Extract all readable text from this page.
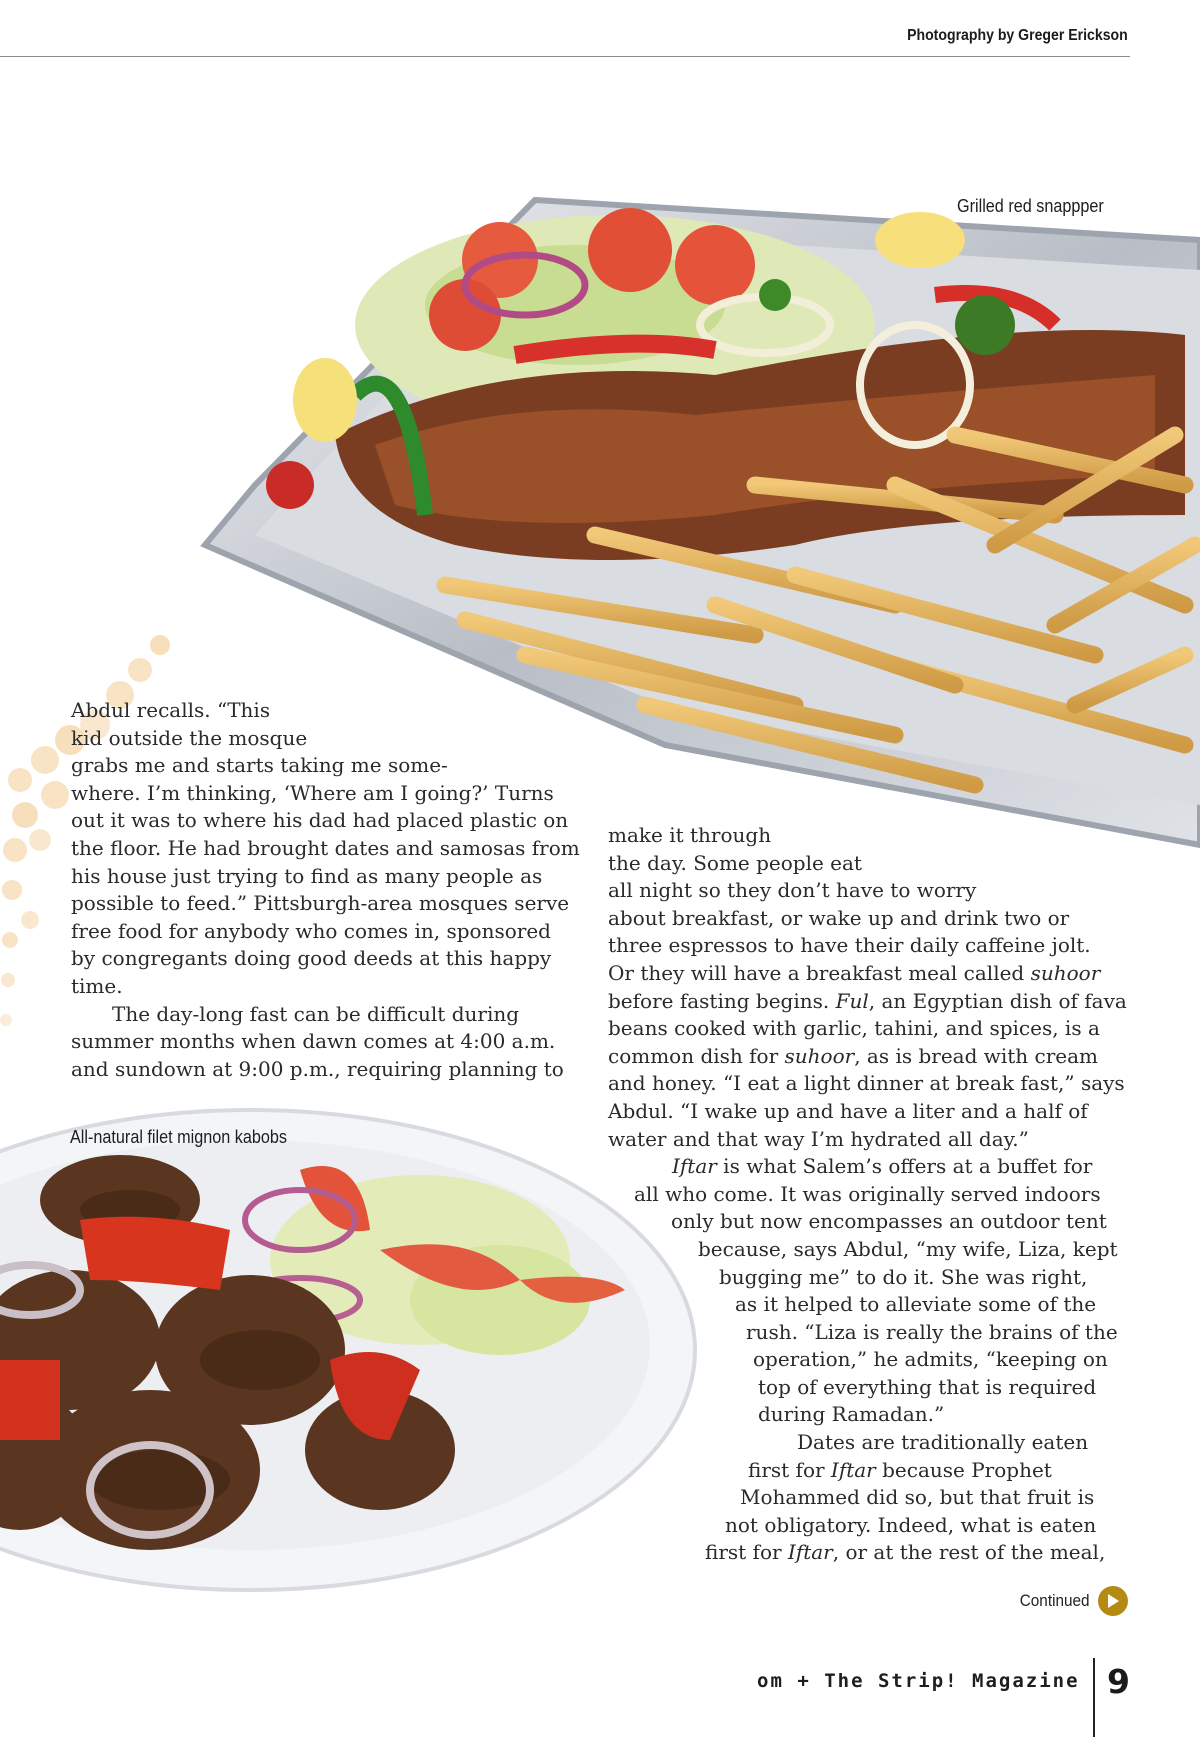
Photography by Greger Erickson
Grilled red snappper
Abdul recalls. “This
kid outside the mosque
grabs me and starts taking me some-
where. I’m thinking, ‘Where am I going?’ Turns
out it was to where his dad had placed plastic on
the floor. He had brought dates and samosas from
his house just trying to find as many people as
possible to feed.” Pittsburgh-area mosques serve
free food for anybody who comes in, sponsored
by congregants doing good deeds at this happy
time.
The day-long fast can be difficult during
summer months when dawn comes at 4:00 a.m.
and sundown at 9:00 p.m., requiring planning to
make it through
the day. Some people eat
all night so they don’t have to worry
about breakfast, or wake up and drink two or
three espressos to have their daily caffeine jolt.
Or they will have a breakfast meal called suhoor
before fasting begins. Ful, an Egyptian dish of fava
beans cooked with garlic, tahini, and spices, is a
common dish for suhoor, as is bread with cream
and honey. “I eat a light dinner at break fast,” says
Abdul. “I wake up and have a liter and a half of
water and that way I’m hydrated all day.”
Iftar is what Salem’s offers at a buffet for
all who come. It was originally served indoors
only but now encompasses an outdoor tent
because, says Abdul, “my wife, Liza, kept
bugging me” to do it. She was right,
as it helped to alleviate some of the
rush. “Liza is really the brains of the
operation,” he admits, “keeping on
top of everything that is required
during Ramadan.”
Dates are traditionally eaten
first for Iftar because Prophet
Mohammed did so, but that fruit is
not obligatory. Indeed, what is eaten
first for Iftar, or at the rest of the meal,
All-natural filet mignon kabobs
Continued
om + The Strip! Magazine 9
